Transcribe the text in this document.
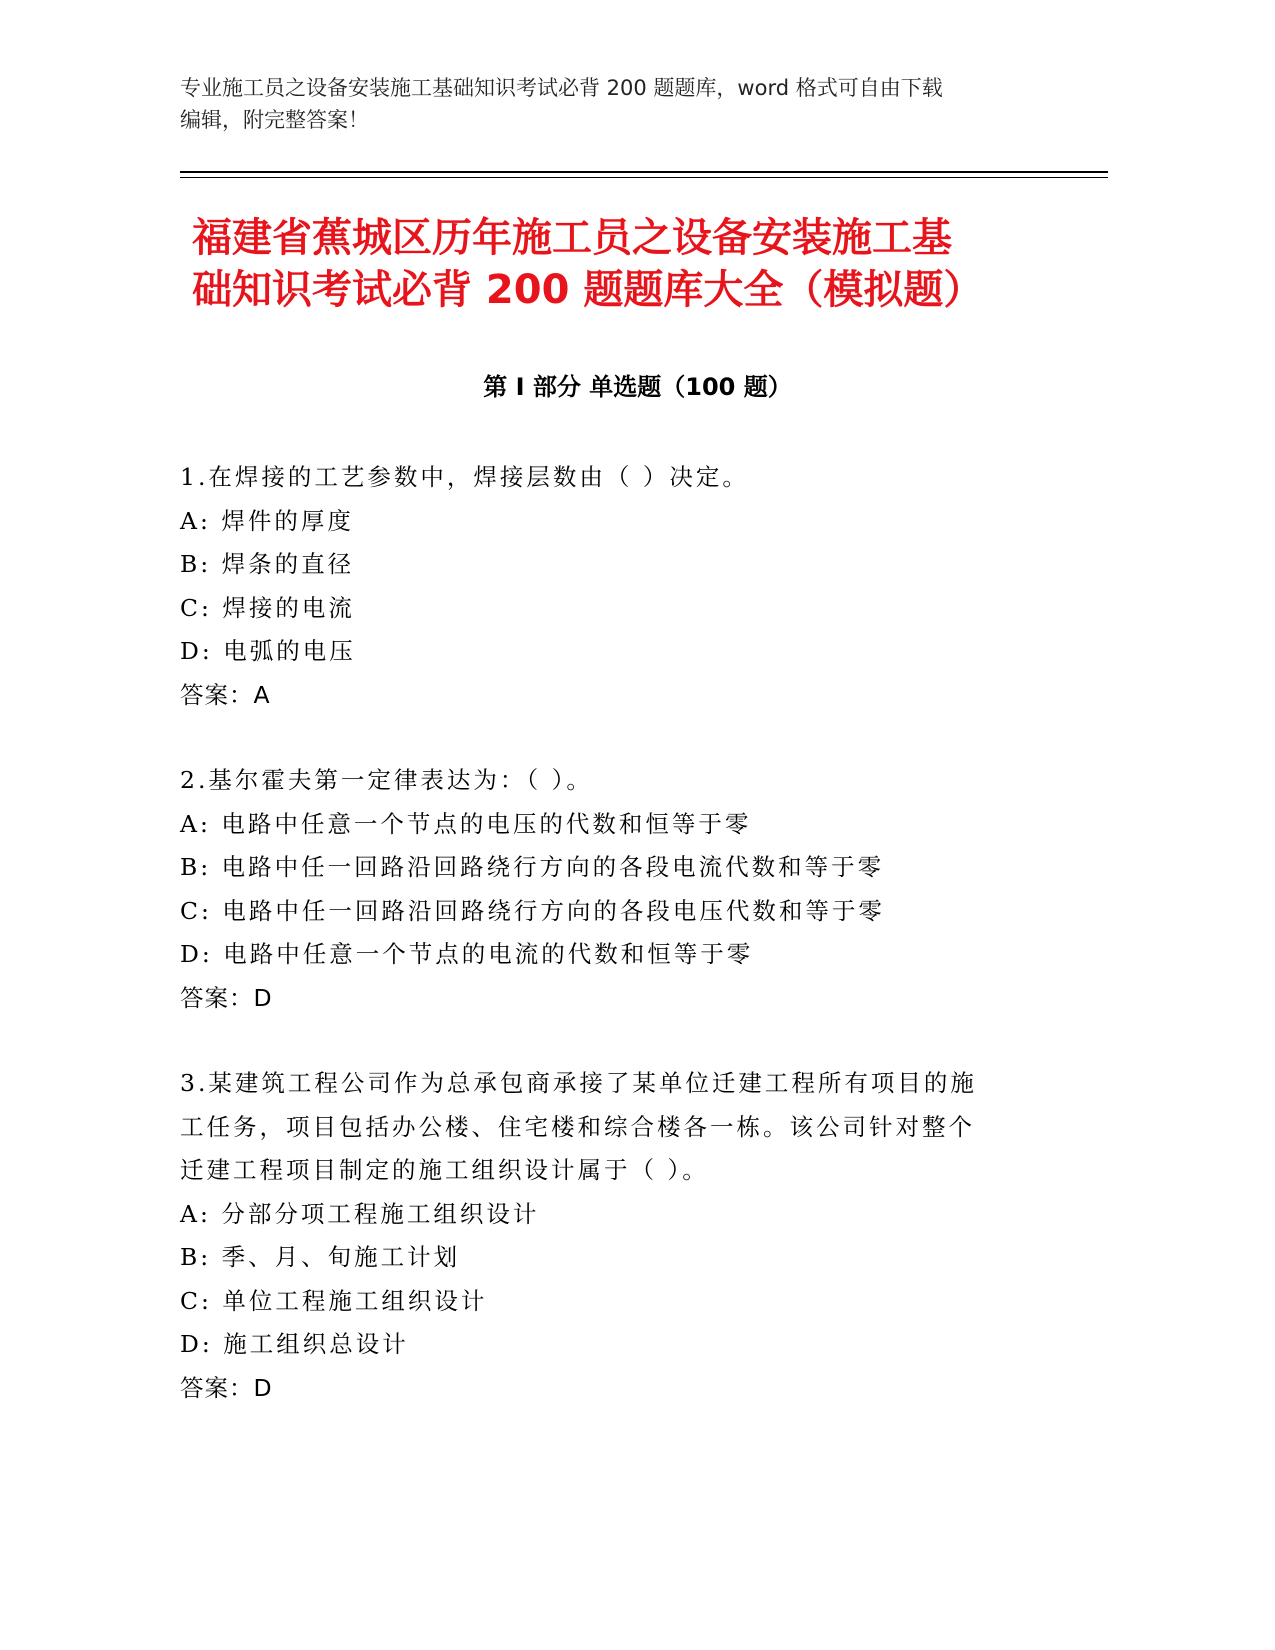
专业施工员之设备安装施工基础知识考试必背 200 题题库，word 格式可自由下载
编辑，附完整答案！
福建省蕉城区历年施工员之设备安装施工基
础知识考试必背 200 题题库大全（模拟题）
第 I 部分 单选题（100 题）
1.在焊接的工艺参数中，焊接层数由（ ）决定。
A: 焊件的厚度
B: 焊条的直径
C: 焊接的电流
D: 电弧的电压
答案：A
2.基尔霍夫第一定律表达为：（ ）。
A: 电路中任意一个节点的电压的代数和恒等于零
B: 电路中任一回路沿回路绕行方向的各段电流代数和等于零
C: 电路中任一回路沿回路绕行方向的各段电压代数和等于零
D: 电路中任意一个节点的电流的代数和恒等于零
答案：D
3.某建筑工程公司作为总承包商承接了某单位迁建工程所有项目的施
工任务，项目包括办公楼、住宅楼和综合楼各一栋。该公司针对整个
迁建工程项目制定的施工组织设计属于（ ）。
A: 分部分项工程施工组织设计
B: 季、月、旬施工计划
C: 单位工程施工组织设计
D: 施工组织总设计
答案：D
